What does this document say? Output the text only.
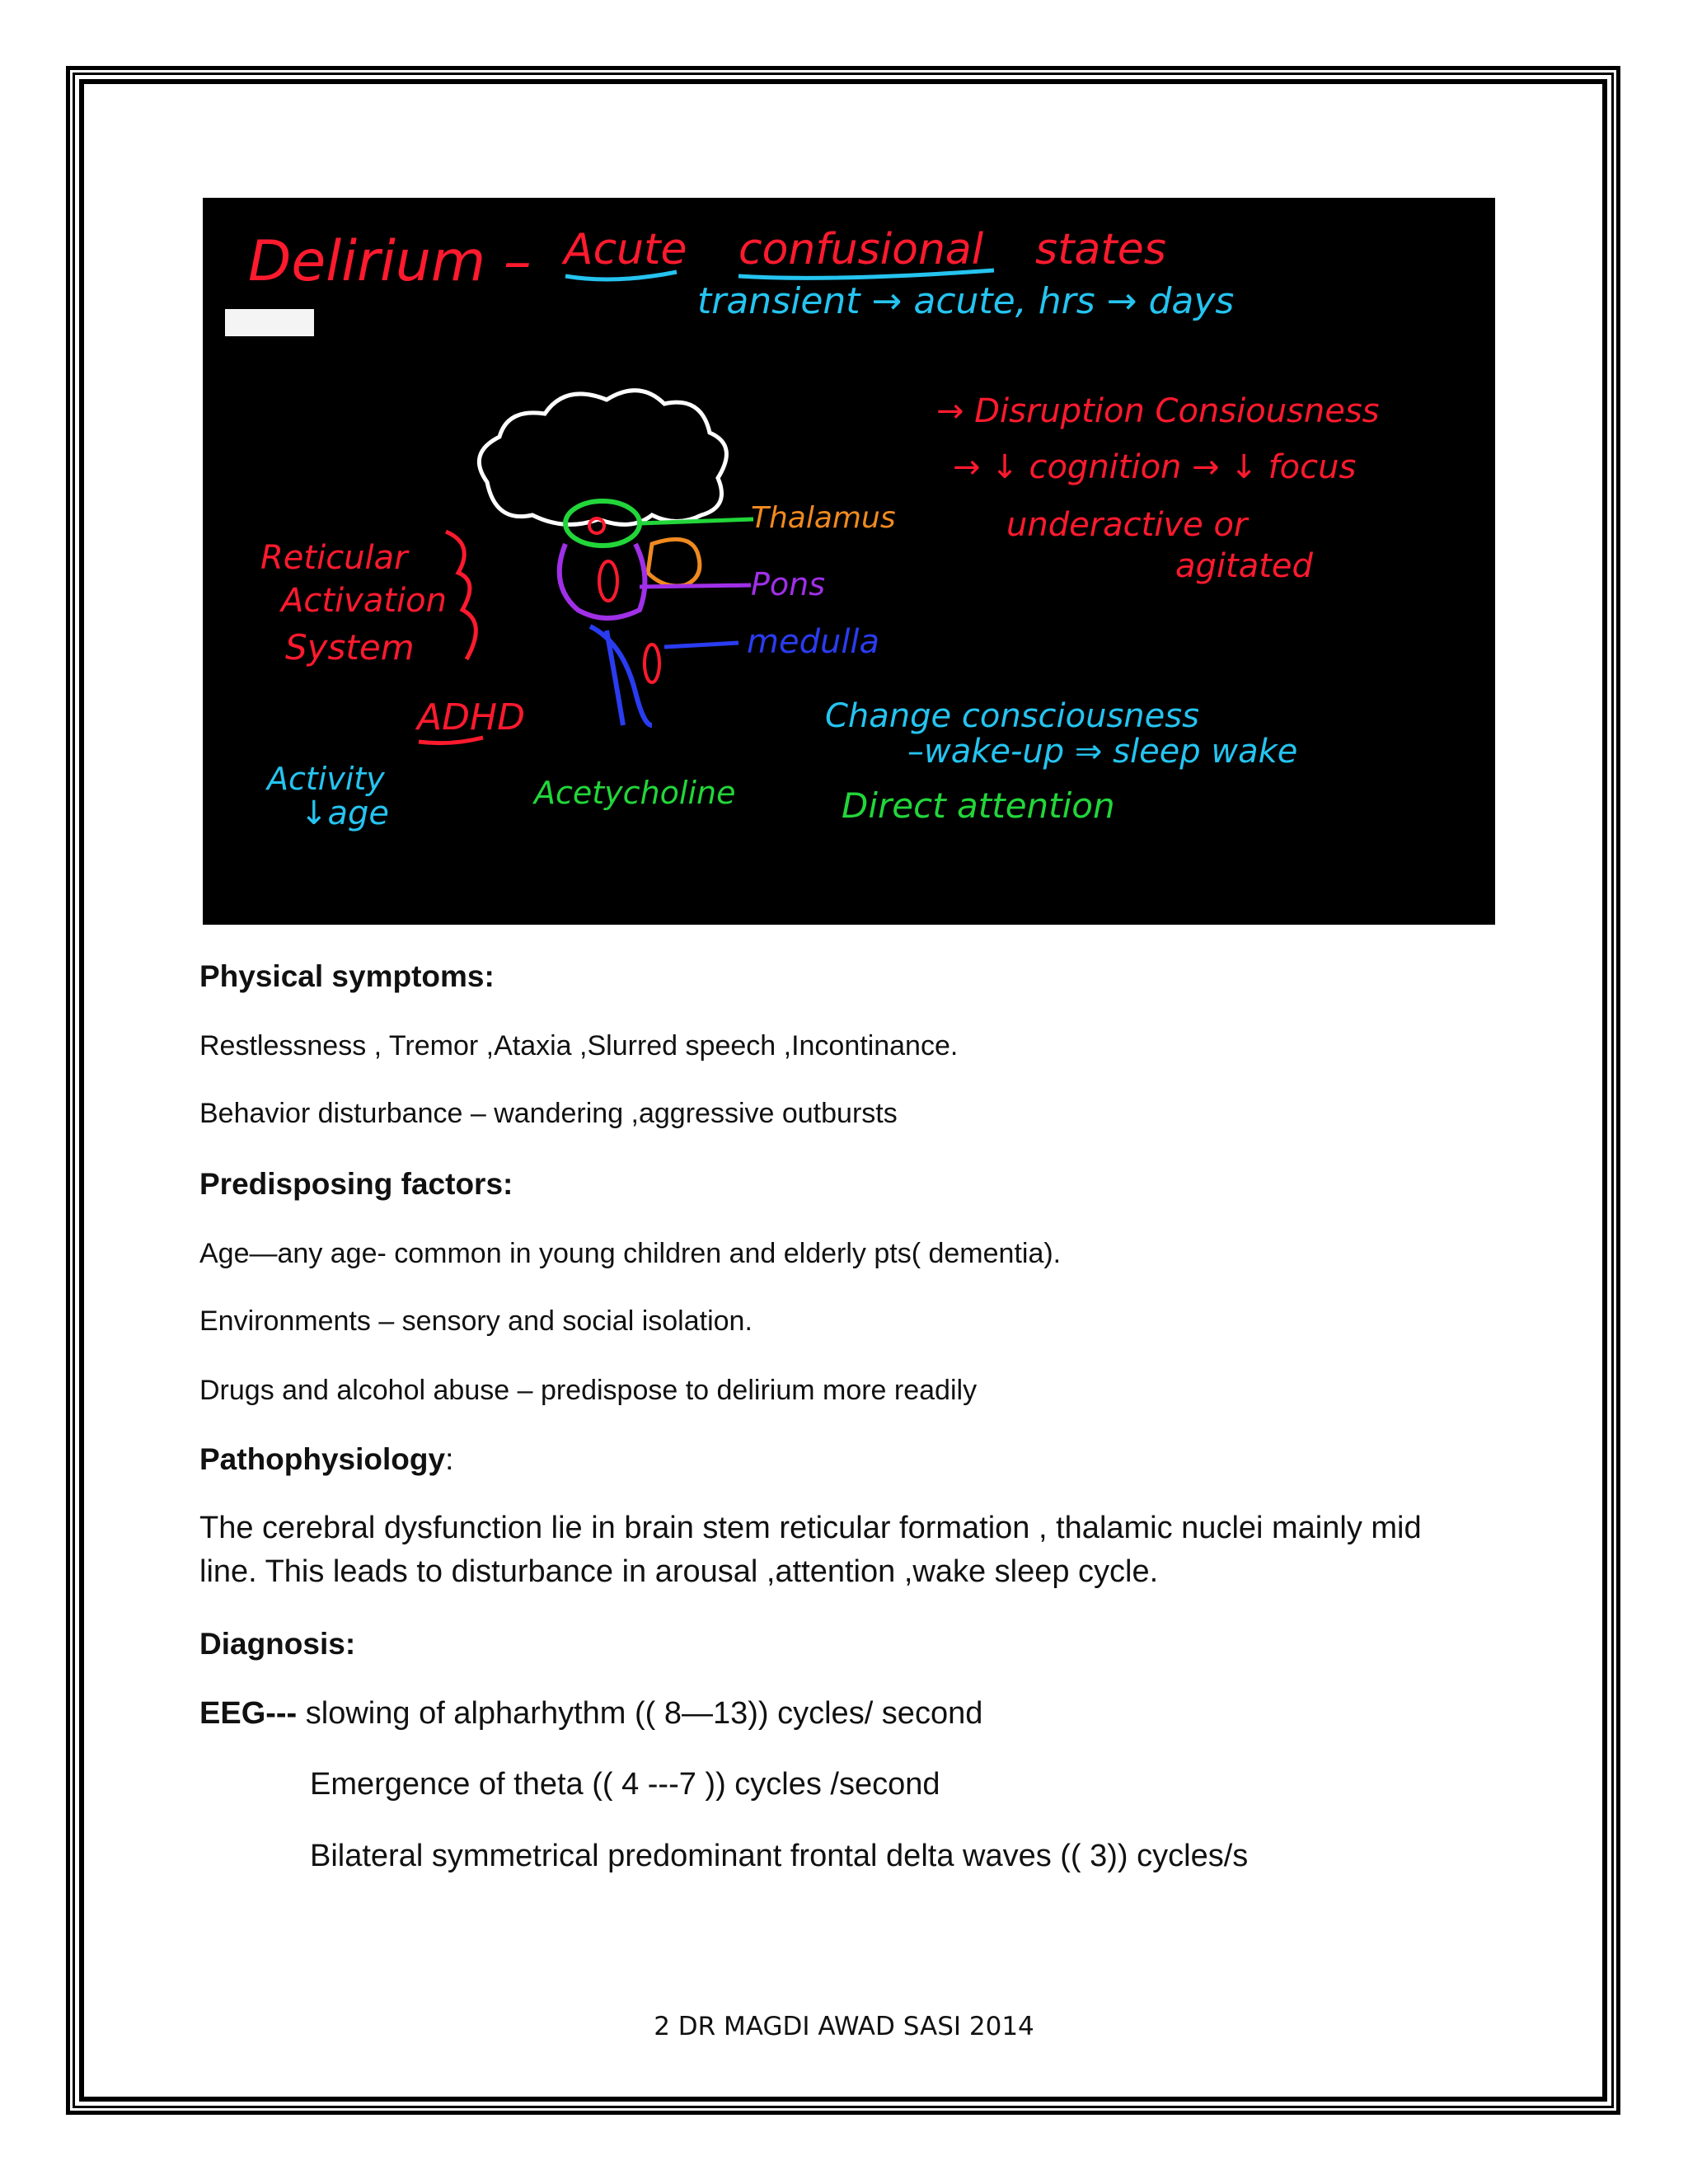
Delirium – Acute confusional states
transient → acute, hrs → days
→ Disruption Consiousness
→ ↓ cognition → ↓ focus
underactive or
agitated
Reticular
Activation
System
ADHD
Activity
↓age
Acetycholine
Thalamus
Pons
medulla
Change consciousness
–wake-up ⇒ sleep wake
Direct attention

Physical symptoms:

Restlessness , Tremor ,Ataxia ,Slurred speech ,Incontinance.

Behavior disturbance – wandering ,aggressive outbursts

Predisposing factors:

Age—any age- common in young children and elderly pts( dementia).

Environments – sensory and social isolation.

Drugs and alcohol abuse – predispose to delirium more readily

Pathophysiology:

The cerebral dysfunction lie in brain stem reticular formation , thalamic nuclei mainly mid line. This leads to disturbance in arousal ,attention ,wake sleep cycle.

Diagnosis:

EEG--- slowing of alpharhythm (( 8—13)) cycles/ second

Emergence of theta (( 4 ---7 )) cycles /second

Bilateral symmetrical predominant frontal delta waves (( 3)) cycles/s

2 DR MAGDI AWAD SASI 2014
